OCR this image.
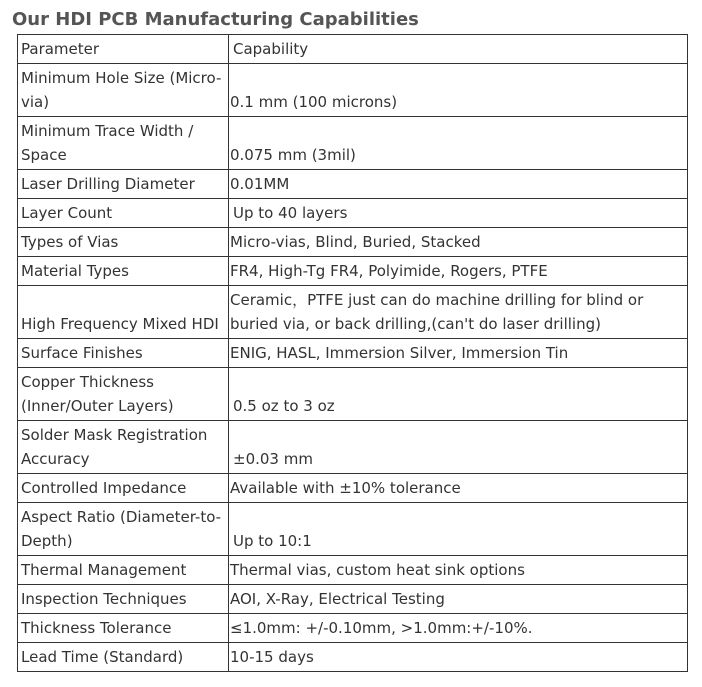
Our HDI PCB Manufacturing Capabilities
Parameter	Capability
Minimum Hole Size (Micro-via)	0.1 mm (100 microns)
Minimum Trace Width / Space	0.075 mm (3mil)
Laser Drilling Diameter	0.01MM
Layer Count	Up to 40 layers
Types of Vias	Micro-vias, Blind, Buried, Stacked
Material Types	FR4, High-Tg FR4, Polyimide, Rogers, PTFE
High Frequency Mixed HDI	Ceramic，PTFE just can do machine drilling for blind or buried via, or back drilling,(can't do laser drilling)
Surface Finishes	ENIG, HASL, Immersion Silver, Immersion Tin
Copper Thickness (Inner/Outer Layers)	0.5 oz to 3 oz
Solder Mask Registration Accuracy	±0.03 mm
Controlled Impedance	Available with ±10% tolerance
Aspect Ratio (Diameter-to-Depth)	Up to 10:1
Thermal Management	Thermal vias, custom heat sink options
Inspection Techniques	AOI, X-Ray, Electrical Testing
Thickness Tolerance	≤1.0mm: +/-0.10mm, >1.0mm:+/-10%.
Lead Time (Standard)	10-15 days
